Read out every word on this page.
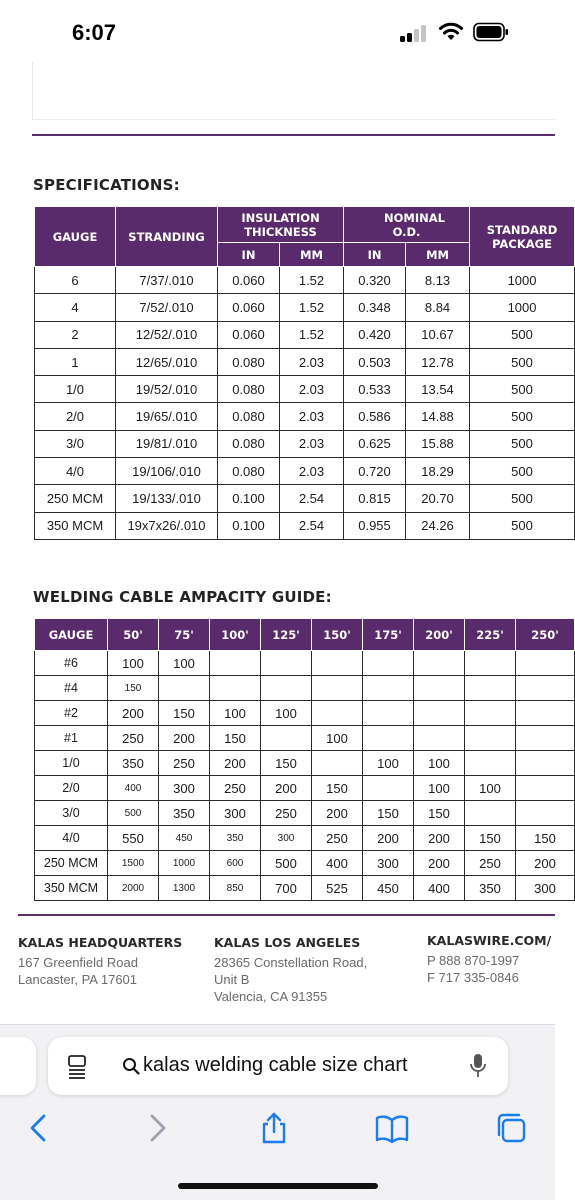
6:07
SPECIFICATIONS:
GAUGE	STRANDING	INSULATION THICKNESS		NOMINAL O.D.		STANDARD PACKAGE
		IN	MM	IN	MM	
6	7/37/.010	0.060	1.52	0.320	8.13	1000
4	7/52/.010	0.060	1.52	0.348	8.84	1000
2	12/52/.010	0.060	1.52	0.420	10.67	500
1	12/65/.010	0.080	2.03	0.503	12.78	500
1/0	19/52/.010	0.080	2.03	0.533	13.54	500
2/0	19/65/.010	0.080	2.03	0.586	14.88	500
3/0	19/81/.010	0.080	2.03	0.625	15.88	500
4/0	19/106/.010	0.080	2.03	0.720	18.29	500
250 MCM	19/133/.010	0.100	2.54	0.815	20.70	500
350 MCM	19x7x26/.010	0.100	2.54	0.955	24.26	500
WELDING CABLE AMPACITY GUIDE:
GAUGE	50'	75'	100'	125'	150'	175'	200'	225'	250'
#6	100	100							
#4	150								
#2	200	150	100	100					
#1	250	200	150		100				
1/0	350	250	200	150		100	100		
2/0	400	300	250	200	150		100	100	
3/0	500	350	300	250	200	150	150		
4/0	550	450	350	300	250	200	200	150	150
250 MCM	1500	1000	600	500	400	300	200	250	200
350 MCM	2000	1300	850	700	525	450	400	350	300
KALAS HEADQUARTERS
167 Greenfield Road
Lancaster, PA 17601
KALAS LOS ANGELES
28365 Constellation Road,
Unit B
Valencia, CA 91355
KALASWIRE.COM/
P 888 870-1997
F 717 335-0846
kalas welding cable size chart
